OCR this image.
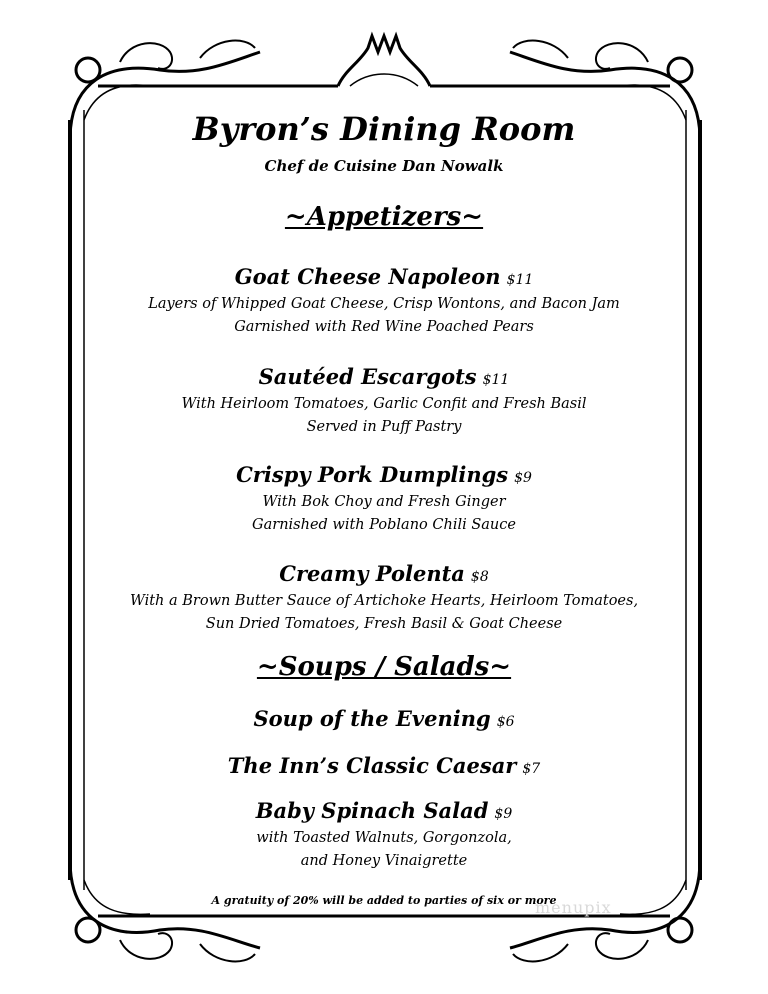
Byron’s Dining Room
Chef de Cuisine Dan Nowalk
~Appetizers~
Goat Cheese Napoleon $11
Layers of Whipped Goat Cheese, Crisp Wontons, and Bacon Jam
Garnished with Red Wine Poached Pears
Sautéed Escargots $11
With Heirloom Tomatoes, Garlic Confit and Fresh Basil
Served in Puff Pastry
Crispy Pork Dumplings $9
With Bok Choy and Fresh Ginger
Garnished with Poblano Chili Sauce
Creamy Polenta $8
With a Brown Butter Sauce of Artichoke Hearts, Heirloom Tomatoes,
Sun Dried Tomatoes, Fresh Basil & Goat Cheese
~Soups / Salads~
Soup of the Evening $6
The Inn’s Classic Caesar $7
Baby Spinach Salad $9
with Toasted Walnuts, Gorgonzola,
and Honey Vinaigrette
A gratuity of 20% will be added to parties of six or more
menupix
